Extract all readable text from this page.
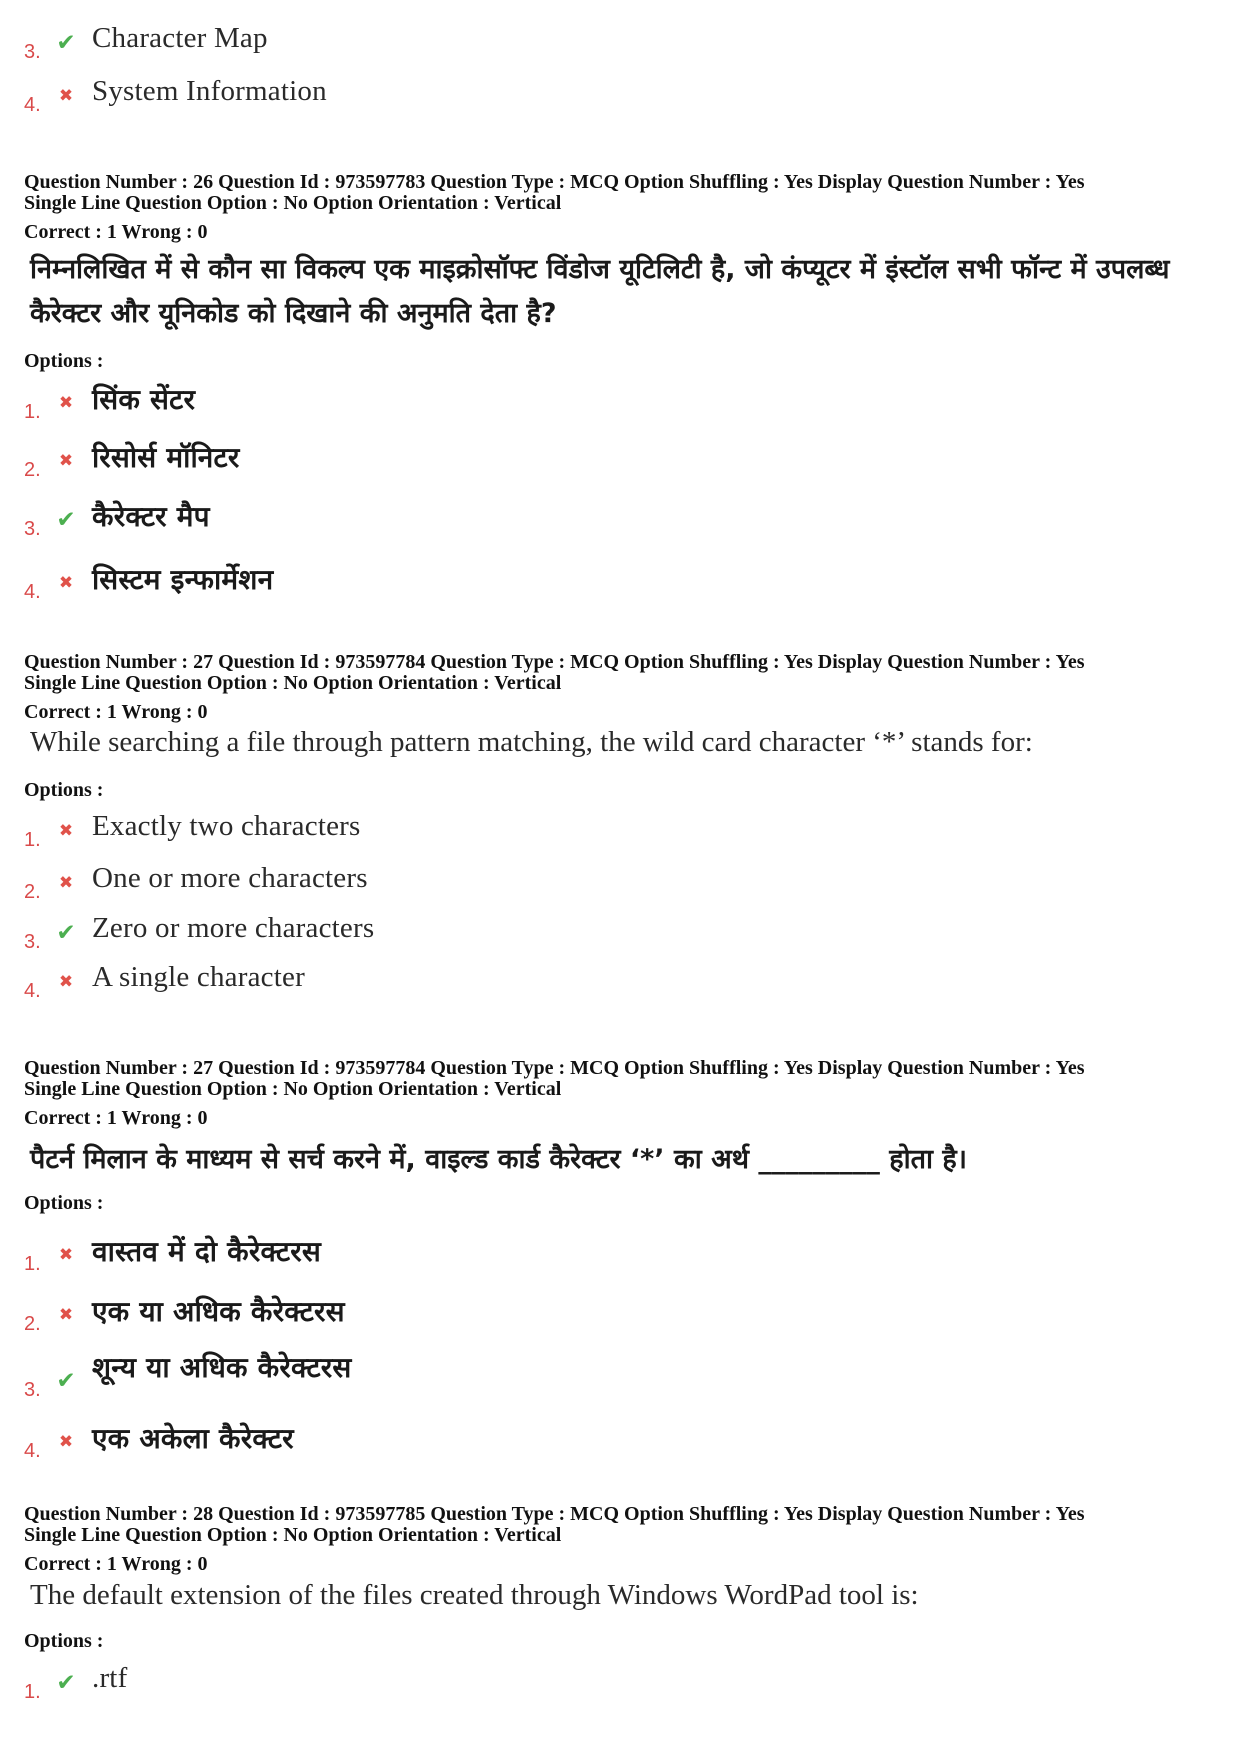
3. ✔ Character Map
4.	✖ System Information
Question Number : 26 Question Id : 973597783 Question Type : MCQ Option Shuffling : Yes Display Question Number : Yes
Single Line Question Option : No Option Orientation : Vertical
Correct : 1 Wrong : 0
निम्नलिखित में से कौन सा विकल्प एक माइक्रोसॉफ्ट विंडोज यूटिलिटी है, जो कंप्यूटर में इंस्टॉल सभी फॉन्ट में उपलब्ध कैरेक्टर और यूनिकोड को दिखाने की अनुमति देता है?
Options :
1.	✖ सिंक सेंटर
2.	✖ रिसोर्स मॉनिटर
3. ✔ कैरेक्टर मैप
4.	✖ सिस्टम इन्फार्मेशन
Question Number : 27 Question Id : 973597784 Question Type : MCQ Option Shuffling : Yes Display Question Number : Yes
Single Line Question Option : No Option Orientation : Vertical
Correct : 1 Wrong : 0
While searching a file through pattern matching, the wild card character ‘*’ stands for:
Options :
1.	✖ Exactly two characters
2.	✖ One or more characters
3. ✔ Zero or more characters
4.	✖ A single character
Question Number : 27 Question Id : 973597784 Question Type : MCQ Option Shuffling : Yes Display Question Number : Yes
Single Line Question Option : No Option Orientation : Vertical
Correct : 1 Wrong : 0
पैटर्न मिलान के माध्यम से सर्च करने में, वाइल्ड कार्ड कैरेक्टर ‘*’ का अर्थ _________ होता है।
Options :
1.	✖ वास्तव में दो कैरेक्टरस
2.	✖ एक या अधिक कैरेक्टरस
3. ✔ शून्य या अधिक कैरेक्टरस
4.	✖ एक अकेला कैरेक्टर
Question Number : 28 Question Id : 973597785 Question Type : MCQ Option Shuffling : Yes Display Question Number : Yes
Single Line Question Option : No Option Orientation : Vertical
Correct : 1 Wrong : 0
The default extension of the files created through Windows WordPad tool is:
Options :
1. ✔ .rtf
